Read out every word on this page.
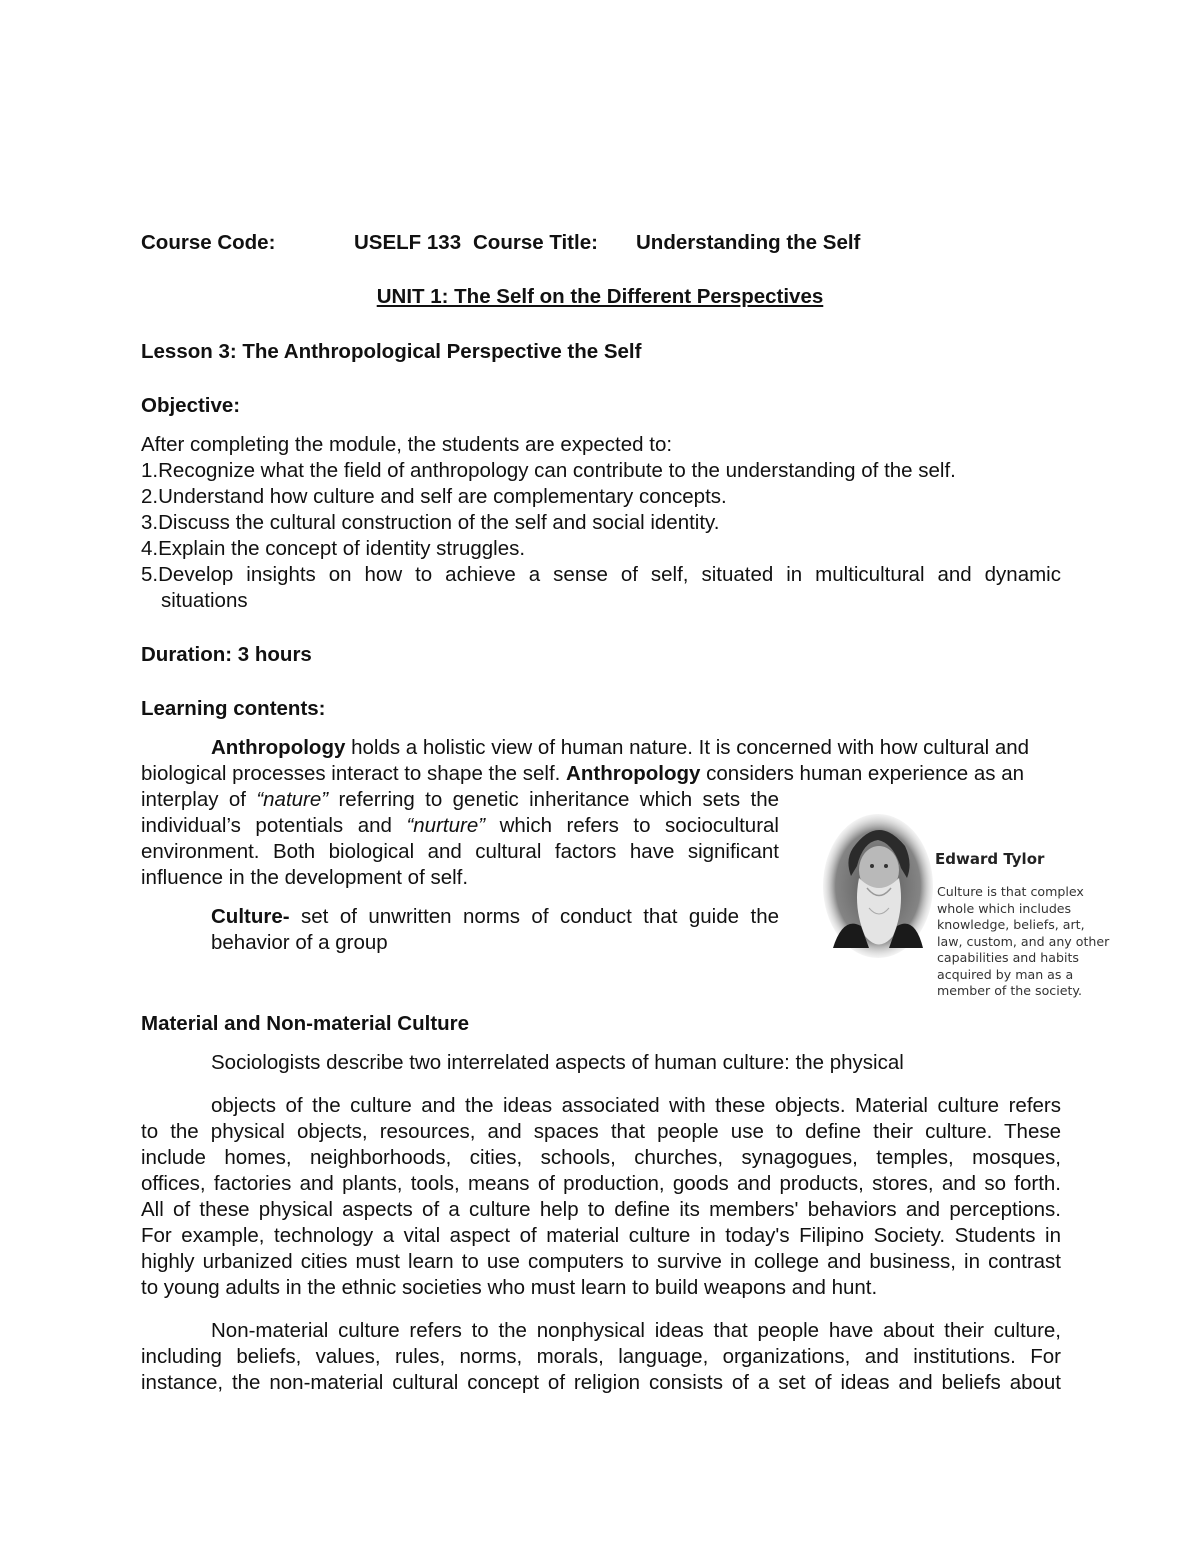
Course Code:	USELF 133 Course Title: Understanding the Self
UNIT 1: The Self on the Different Perspectives
Lesson 3: The Anthropological Perspective the Self
Objective:
After completing the module, the students are expected to:
1.Recognize what the field of anthropology can contribute to the understanding of the self.
2.Understand how culture and self are complementary concepts.
3.Discuss the cultural construction of the self and social identity.
4.Explain the concept of identity struggles.
5.Develop insights on how to achieve a sense of self, situated in multicultural and dynamic
situations
Duration: 3 hours
Learning contents:
Anthropology holds a holistic view of human nature. It is concerned with how cultural and
biological processes interact to shape the self. Anthropology considers human experience as an
interplay of “nature” referring to genetic inheritance which sets the
individual’s potentials and “nurture” which refers to sociocultural
environment. Both biological and cultural factors have significant
influence in the development of self.
Culture- set of unwritten norms of conduct that guide the
behavior of a group
Edward Tylor
Culture is that complex
whole which includes
knowledge, beliefs, art,
law, custom, and any other
capabilities and habits
acquired by man as a
member of the society.
Material and Non-material Culture
Sociologists describe two interrelated aspects of human culture: the physical
objects of the culture and the ideas associated with these objects. Material culture refers
to the physical objects, resources, and spaces that people use to define their culture. These
include homes, neighborhoods, cities, schools, churches, synagogues, temples, mosques,
offices, factories and plants, tools, means of production, goods and products, stores, and so forth.
All of these physical aspects of a culture help to define its members' behaviors and perceptions.
For example, technology a vital aspect of material culture in today's Filipino Society. Students in
highly urbanized cities must learn to use computers to survive in college and business, in contrast
to young adults in the ethnic societies who must learn to build weapons and hunt.
Non-material culture refers to the nonphysical ideas that people have about their culture,
including beliefs, values, rules, norms, morals, language, organizations, and institutions. For
instance, the non-material cultural concept of religion consists of a set of ideas and beliefs about
